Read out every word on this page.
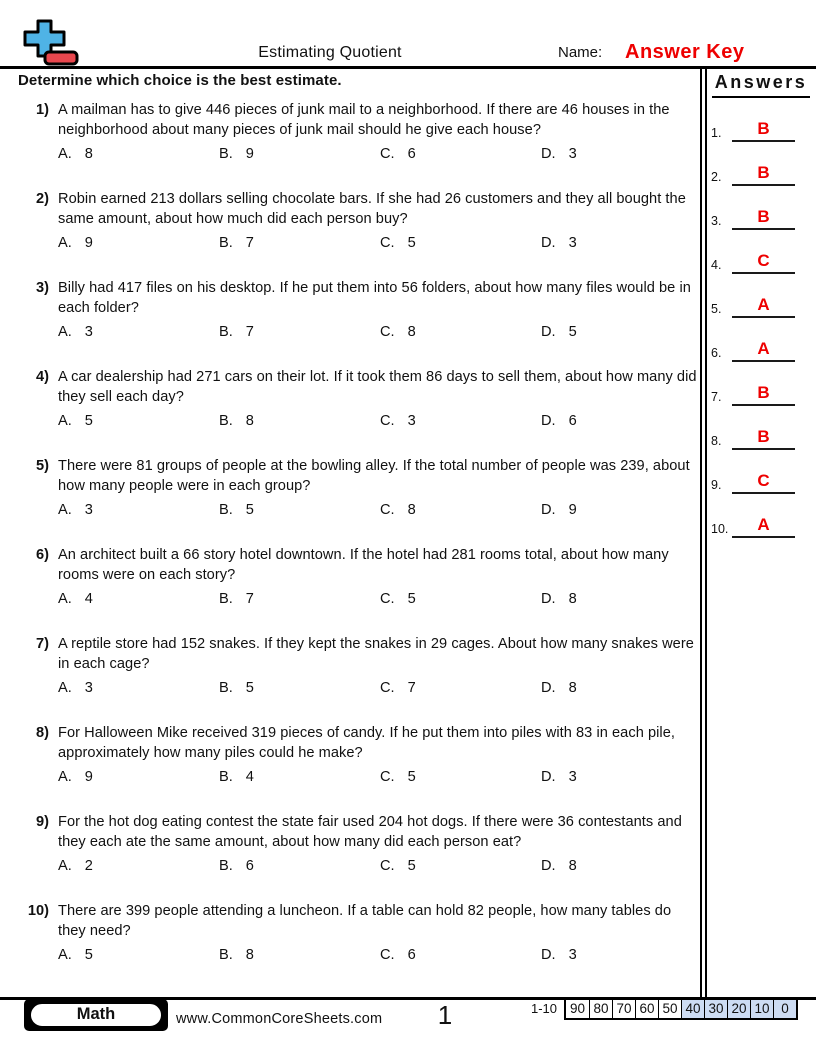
Estimating Quotient	Name: Answer Key

Determine which choice is the best estimate.

1) A mailman has to give 446 pieces of junk mail to a neighborhood. If there are 46 houses in the neighborhood about many pieces of junk mail should he give each house?
A. 8	B. 9	C. 6	D. 3
2) Robin earned 213 dollars selling chocolate bars. If she had 26 customers and they all bought the same amount, about how much did each person buy?
A. 9	B. 7	C. 5	D. 3
3) Billy had 417 files on his desktop. If he put them into 56 folders, about how many files would be in each folder?
A. 3	B. 7	C. 8	D. 5
4) A car dealership had 271 cars on their lot. If it took them 86 days to sell them, about how many did they sell each day?
A. 5	B. 8	C. 3	D. 6
5) There were 81 groups of people at the bowling alley. If the total number of people was 239, about how many people were in each group?
A. 3	B. 5	C. 8	D. 9
6) An architect built a 66 story hotel downtown. If the hotel had 281 rooms total, about how many rooms were on each story?
A. 4	B. 7	C. 5	D. 8
7) A reptile store had 152 snakes. If they kept the snakes in 29 cages. About how many snakes were in each cage?
A. 3	B. 5	C. 7	D. 8
8) For Halloween Mike received 319 pieces of candy. If he put them into piles with 83 in each pile, approximately how many piles could he make?
A. 9	B. 4	C. 5	D. 3
9) For the hot dog eating contest the state fair used 204 hot dogs. If there were 36 contestants and they each ate the same amount, about how many did each person eat?
A. 2	B. 6	C. 5	D. 8
10) There are 399 people attending a luncheon. If a table can hold 82 people, how many tables do they need?
A. 5	B. 8	C. 6	D. 3
Answers
1.	B
2.	B
3.	B
4.	C
5.	A
6.	A
7.	B
8.	B
9.	C
10.	A
Math	www.CommonCoreSheets.com	1	1-10 90 80 70 60 50 40 30 20 10 0
